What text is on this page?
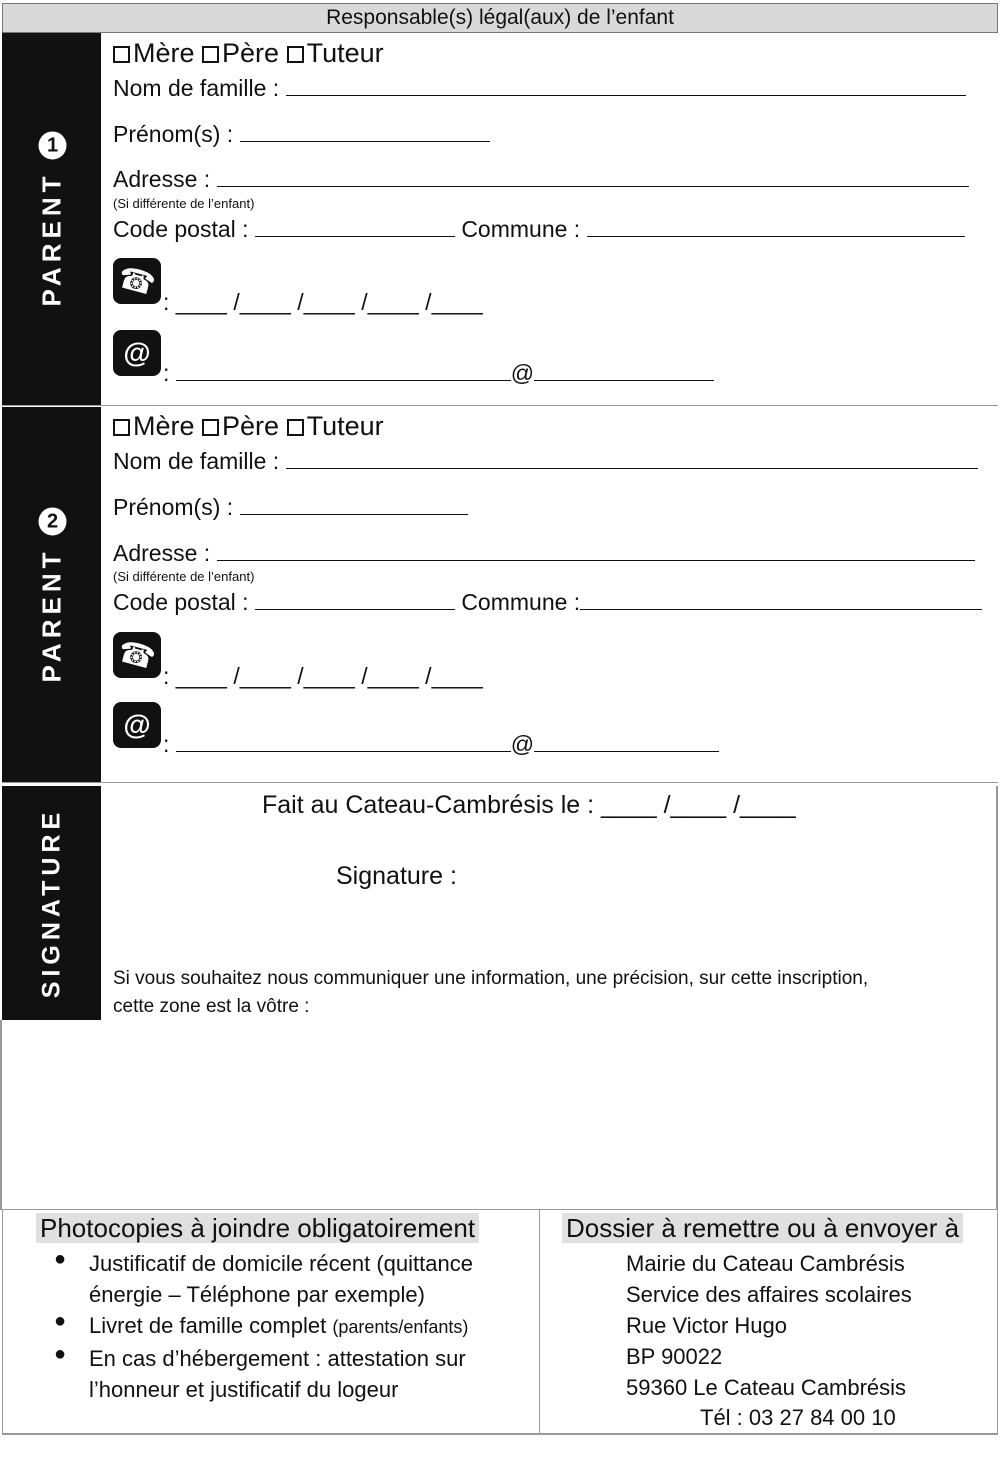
Responsable(s) légal(aux) de l’enfant
PARENT
1
Mère Père Tuteur
Nom de famille :
Prénom(s) :
Adresse :
(Si différente de l’enfant)
Code postal :	Commune :
☎
: ____ /____ /____ /____ /____
@
:	@
PARENT
2
Mère Père Tuteur
Nom de famille :
Prénom(s) :
Adresse :
(Si différente de l’enfant)
Code postal :	Commune :
☎
: ____ /____ /____ /____ /____
@
:	@
SIGNATURE
Fait au Cateau-Cambrésis le : ____ /____ /____
Signature :
Si vous souhaitez nous communiquer une information, une précision, sur cette inscription,
cette zone est la vôtre :
Photocopies à joindre obligatoirement
● Justificatif de domicile récent (quittance
énergie – Téléphone par exemple)
● Livret de famille complet (parents/enfants)
● En cas d’hébergement : attestation sur
l’honneur et justificatif du logeur
Dossier à remettre ou à envoyer à
Mairie du Cateau Cambrésis
Service des affaires scolaires
Rue Victor Hugo
BP 90022
59360 Le Cateau Cambrésis
Tél : 03 27 84 00 10
